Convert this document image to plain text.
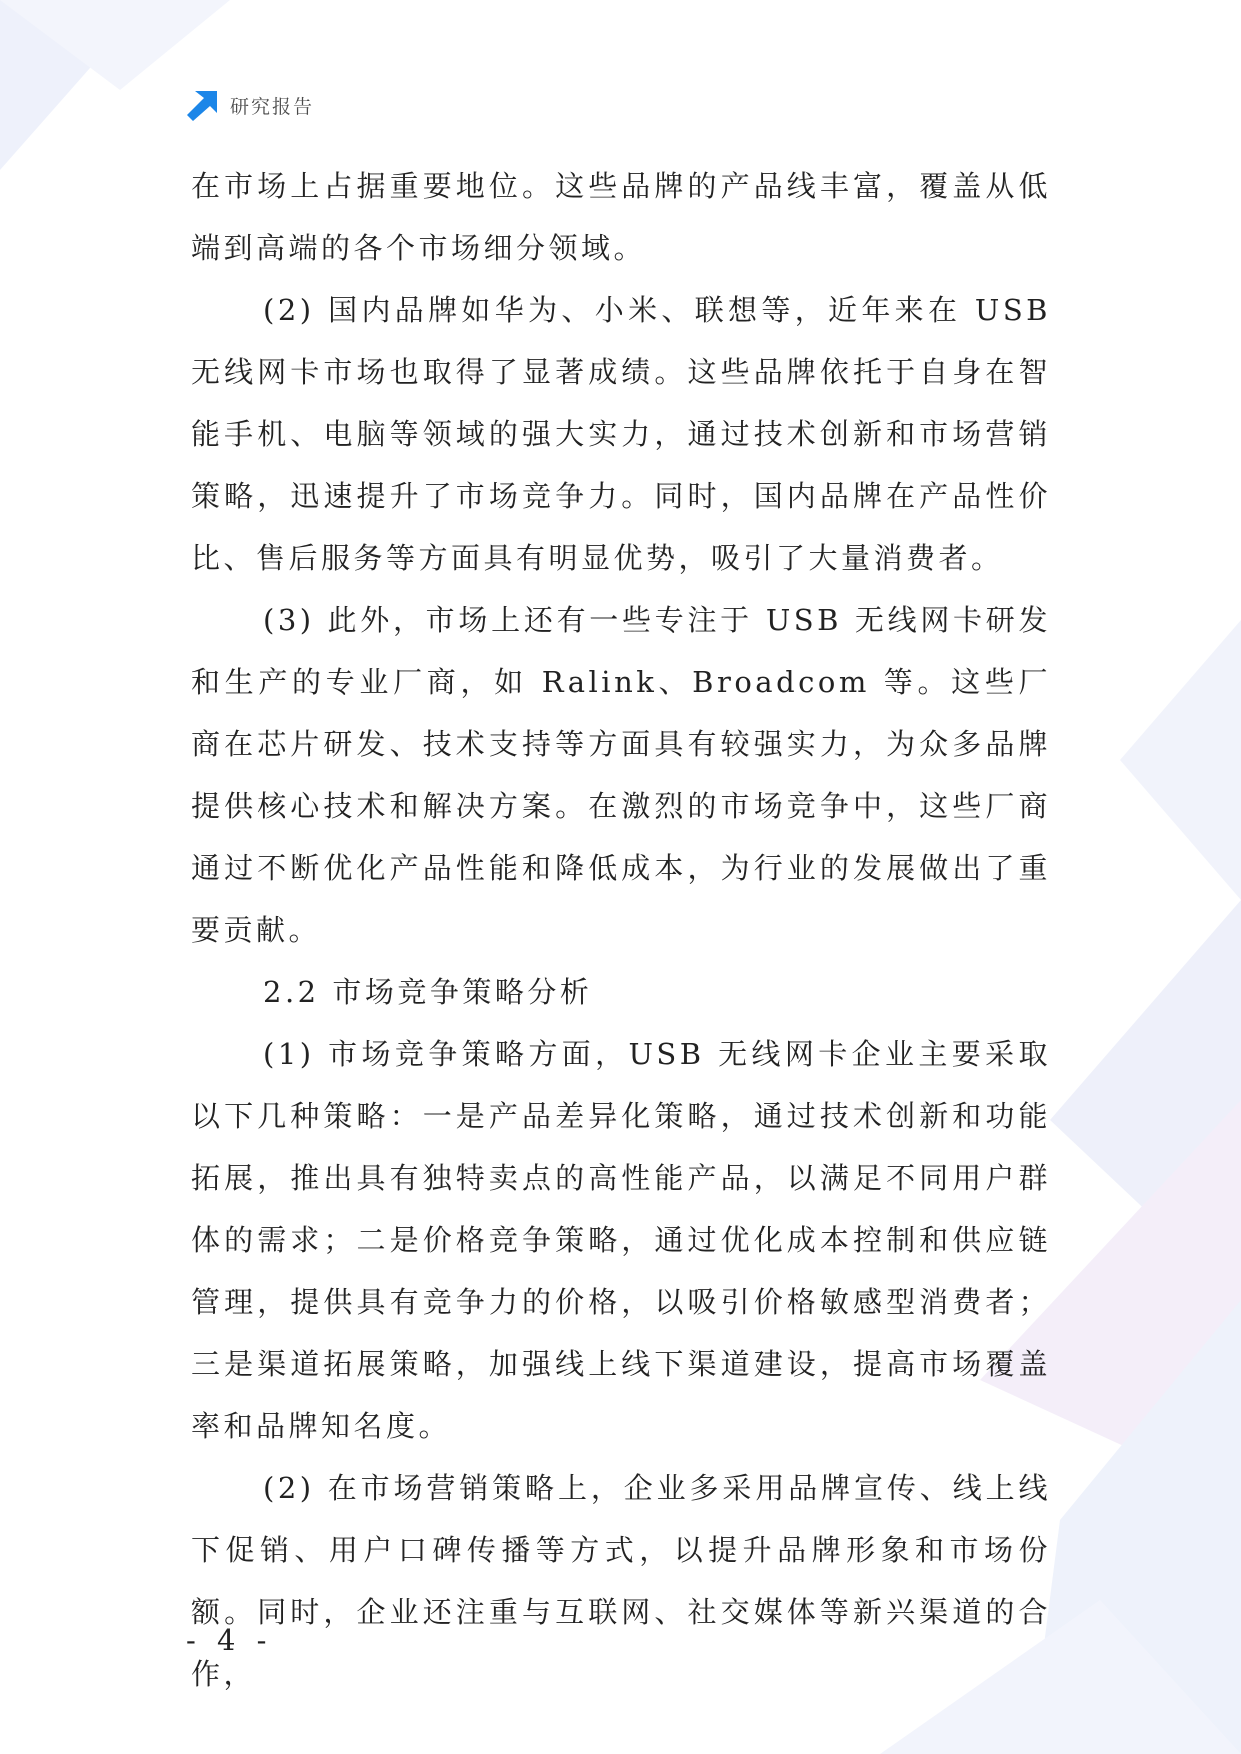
研究报告

在市场上占据重要地位。这些品牌的产品线丰富，覆盖从低端到高端的各个市场细分领域。

(2) 国内品牌如华为、小米、联想等，近年来在 USB 无线网卡市场也取得了显著成绩。这些品牌依托于自身在智能手机、电脑等领域的强大实力，通过技术创新和市场营销策略，迅速提升了市场竞争力。同时，国内品牌在产品性价比、售后服务等方面具有明显优势，吸引了大量消费者。

(3) 此外，市场上还有一些专注于 USB 无线网卡研发和生产的专业厂商，如 Ralink、Broadcom 等。这些厂商在芯片研发、技术支持等方面具有较强实力，为众多品牌提供核心技术和解决方案。在激烈的市场竞争中，这些厂商通过不断优化产品性能和降低成本，为行业的发展做出了重要贡献。

2.2 市场竞争策略分析

(1) 市场竞争策略方面，USB 无线网卡企业主要采取以下几种策略：一是产品差异化策略，通过技术创新和功能拓展，推出具有独特卖点的高性能产品，以满足不同用户群体的需求；二是价格竞争策略，通过优化成本控制和供应链管理，提供具有竞争力的价格，以吸引价格敏感型消费者；三是渠道拓展策略，加强线上线下渠道建设，提高市场覆盖率和品牌知名度。

(2) 在市场营销策略上，企业多采用品牌宣传、线上线下促销、用户口碑传播等方式，以提升品牌形象和市场份额。同时，企业还注重与互联网、社交媒体等新兴渠道的合作，

- 4 -
